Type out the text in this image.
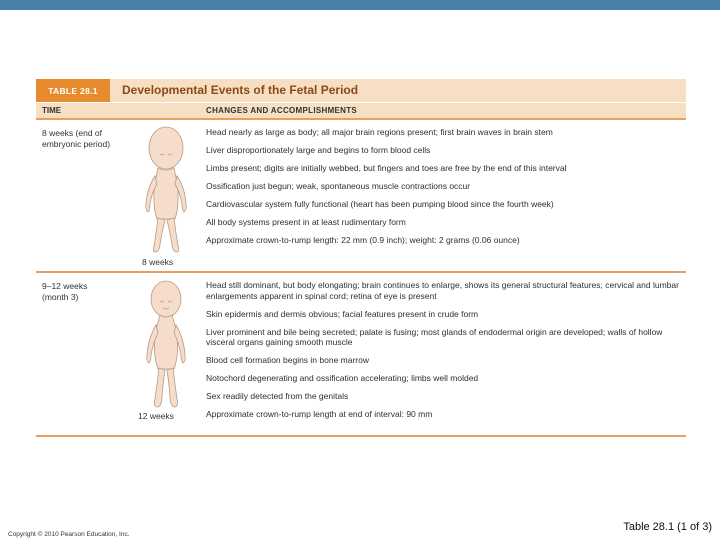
TABLE 28.1	Developmental Events of the Fetal Period
TIME	CHANGES AND ACCOMPLISHMENTS
8 weeks (end of embryonic period)
8 weeks
Head nearly as large as body; all major brain regions present; first brain waves in brain stem
Liver disproportionately large and begins to form blood cells
Limbs present; digits are initially webbed, but fingers and toes are free by the end of this interval
Ossification just begun; weak, spontaneous muscle contractions occur
Cardiovascular system fully functional (heart has been pumping blood since the fourth week)
All body systems present in at least rudimentary form
Approximate crown-to-rump length: 22 mm (0.9 inch); weight: 2 grams (0.06 ounce)
9–12 weeks (month 3)
12 weeks
Head still dominant, but body elongating; brain continues to enlarge, shows its general structural features; cervical and lumbar enlargements apparent in spinal cord; retina of eye is present
Skin epidermis and dermis obvious; facial features present in crude form
Liver prominent and bile being secreted; palate is fusing; most glands of endodermal origin are developed; walls of hollow visceral organs gaining smooth muscle
Blood cell formation begins in bone marrow
Notochord degenerating and ossification accelerating; limbs well molded
Sex readily detected from the genitals
Approximate crown-to-rump length at end of interval: 90 mm
Copyright © 2010 Pearson Education, Inc.
Table 28.1 (1 of 3)
